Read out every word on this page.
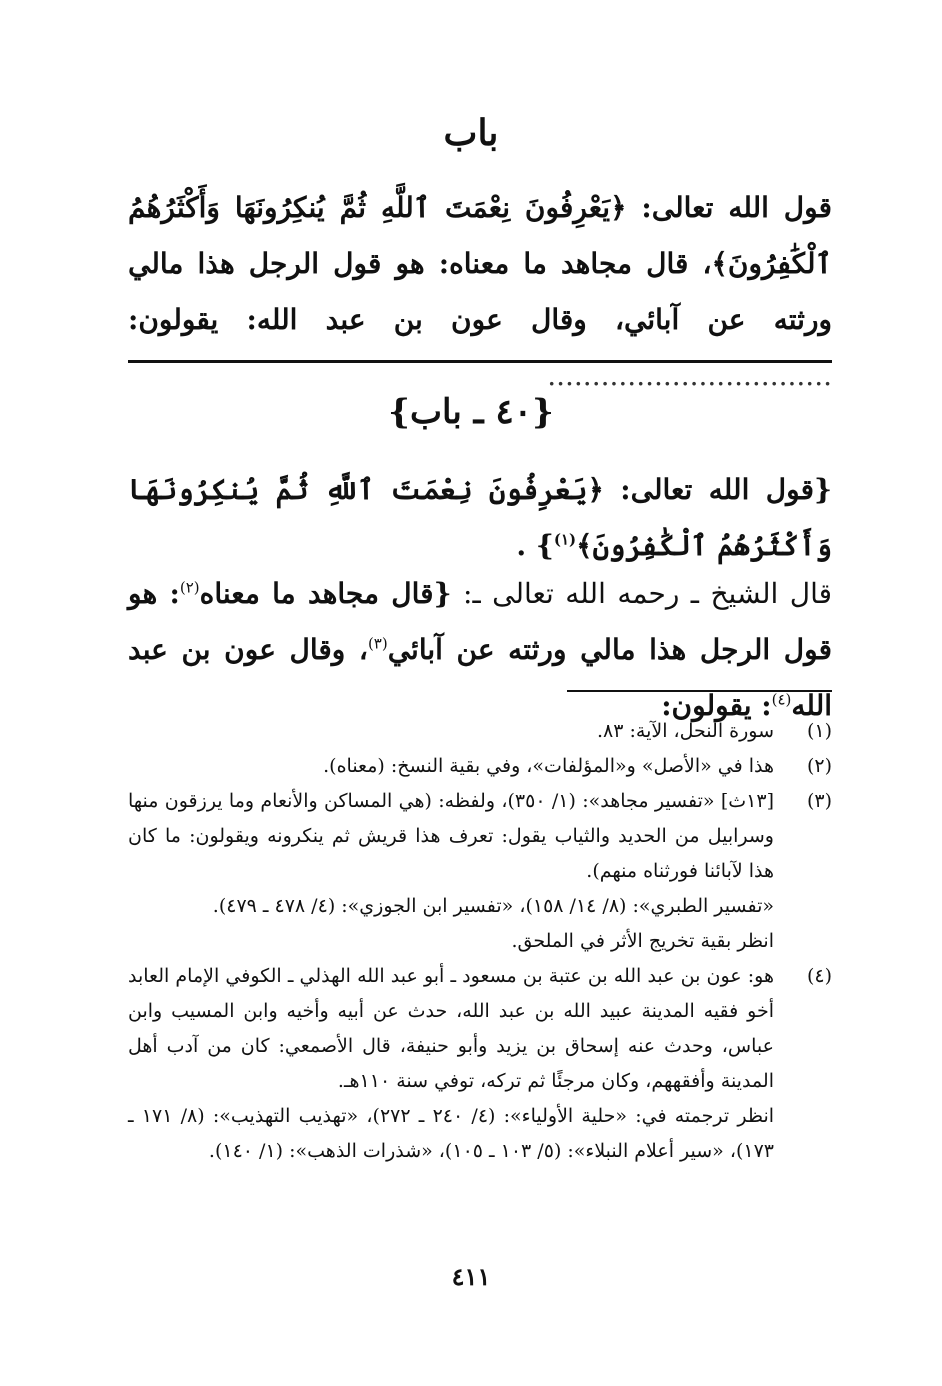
باب
قول الله تعالى: ﴿يَعْرِفُونَ نِعْمَتَ ٱللَّهِ ثُمَّ يُنكِرُونَهَا وَأَكْثَرُهُمُ ٱلْكَٰفِرُونَ﴾، قال مجاهد ما معناه: هو قول الرجل هذا مالي ورثته عن آبائي، وقال عون بن عبد الله: يقولون: ................................
{٤٠ ـ باب}
{قول الله تعالى: ﴿يَعْرِفُونَ نِعْمَتَ ٱللَّهِ ثُمَّ يُنكِرُونَهَا وَأَكْثَرُهُمُ ٱلْكَٰفِرُونَ﴾$^{(١)}$} .
قال الشيخ ـ رحمه الله تعالى ـ: {قال مجاهد ما معناه$^{(٢)}$: هو قول الرجل هذا مالي ورثته عن آبائي$^{(٣)}$، وقال عون بن عبد الله$^{(٤)}$: يقولون:
(١)
سورة النحل، الآية: ٨٣.
(٢)
هذا في «الأصل» و«المؤلفات»، وفي بقية النسخ: (معناه).
(٣)
[١٣ث] «تفسير مجاهد»: (١/ ٣٥٠)، ولفظه: (هي المساكن والأنعام وما يرزقون منها وسرابيل من الحديد والثياب يقول: تعرف هذا قريش ثم ينكرونه ويقولون: ما كان هذا لآبائنا فورثناه منهم).
«تفسير الطبري»: (٨/ ١٤/ ١٥٨)، «تفسير ابن الجوزي»: (٤/ ٤٧٨ ـ ٤٧٩).
انظر بقية تخريج الأثر في الملحق.
(٤)
هو: عون بن عبد الله بن عتبة بن مسعود ـ أبو عبد الله الهذلي ـ الكوفي الإمام العابد أخو فقيه المدينة عبيد الله بن عبد الله، حدث عن أبيه وأخيه وابن المسيب وابن عباس، وحدث عنه إسحاق بن يزيد وأبو حنيفة، قال الأصمعي: كان من آدب أهل المدينة وأفقههم، وكان مرجئًا ثم تركه، توفي سنة ١١٠هـ.
انظر ترجمته في: «حلية الأولياء»: (٤/ ٢٤٠ ـ ٢٧٢)، «تهذيب التهذيب»: (٨/ ١٧١ ـ ١٧٣)، «سير أعلام النبلاء»: (٥/ ١٠٣ ـ ١٠٥)، «شذرات الذهب»: (١/ ١٤٠).
٤١١
